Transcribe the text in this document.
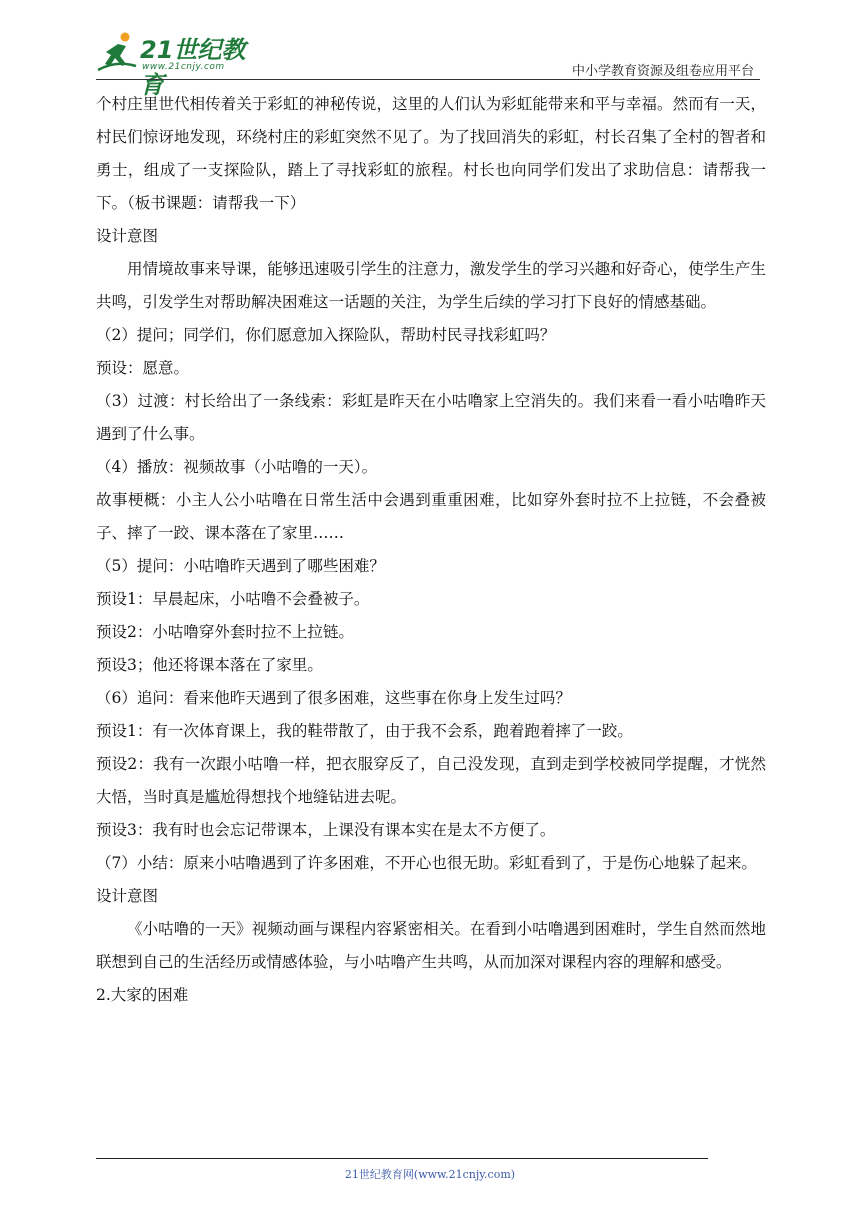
21世纪教育
www.21cnjy.com	中小学教育资源及组卷应用平台

个村庄里世代相传着关于彩虹的神秘传说，这里的人们认为彩虹能带来和平与幸福。然而有一天，村民们惊讶地发现，环绕村庄的彩虹突然不见了。为了找回消失的彩虹，村长召集了全村的智者和勇士，组成了一支探险队，踏上了寻找彩虹的旅程。村长也向同学们发出了求助信息：请帮我一下。（板书课题：请帮我一下）

设计意图

用情境故事来导课，能够迅速吸引学生的注意力，激发学生的学习兴趣和好奇心，使学生产生共鸣，引发学生对帮助解决困难这一话题的关注，为学生后续的学习打下良好的情感基础。

（2）提问；同学们，你们愿意加入探险队，帮助村民寻找彩虹吗？

预设：愿意。

（3）过渡：村长给出了一条线索：彩虹是昨天在小咕噜家上空消失的。我们来看一看小咕噜昨天遇到了什么事。

（4）播放：视频故事（小咕噜的一天）。

故事梗概：小主人公小咕噜在日常生活中会遇到重重困难，比如穿外套时拉不上拉链，不会叠被子、摔了一跤、课本落在了家里……

（5）提问：小咕噜昨天遇到了哪些困难？

预设1：早晨起床，小咕噜不会叠被子。

预设2：小咕噜穿外套时拉不上拉链。

预设3；他还将课本落在了家里。

（6）追问：看来他昨天遇到了很多困难，这些事在你身上发生过吗？

预设1：有一次体育课上，我的鞋带散了，由于我不会系，跑着跑着摔了一跤。

预设2：我有一次跟小咕噜一样，把衣服穿反了，自己没发现，直到走到学校被同学提醒，才恍然大悟，当时真是尴尬得想找个地缝钻进去呢。

预设3：我有时也会忘记带课本，上课没有课本实在是太不方便了。

（7）小结：原来小咕噜遇到了许多困难，不开心也很无助。彩虹看到了，于是伤心地躲了起来。

设计意图

《小咕噜的一天》视频动画与课程内容紧密相关。在看到小咕噜遇到困难时，学生自然而然地联想到自己的生活经历或情感体验，与小咕噜产生共鸣，从而加深对课程内容的理解和感受。

2.大家的困难

21世纪教育网(www.21cnjy.com)
